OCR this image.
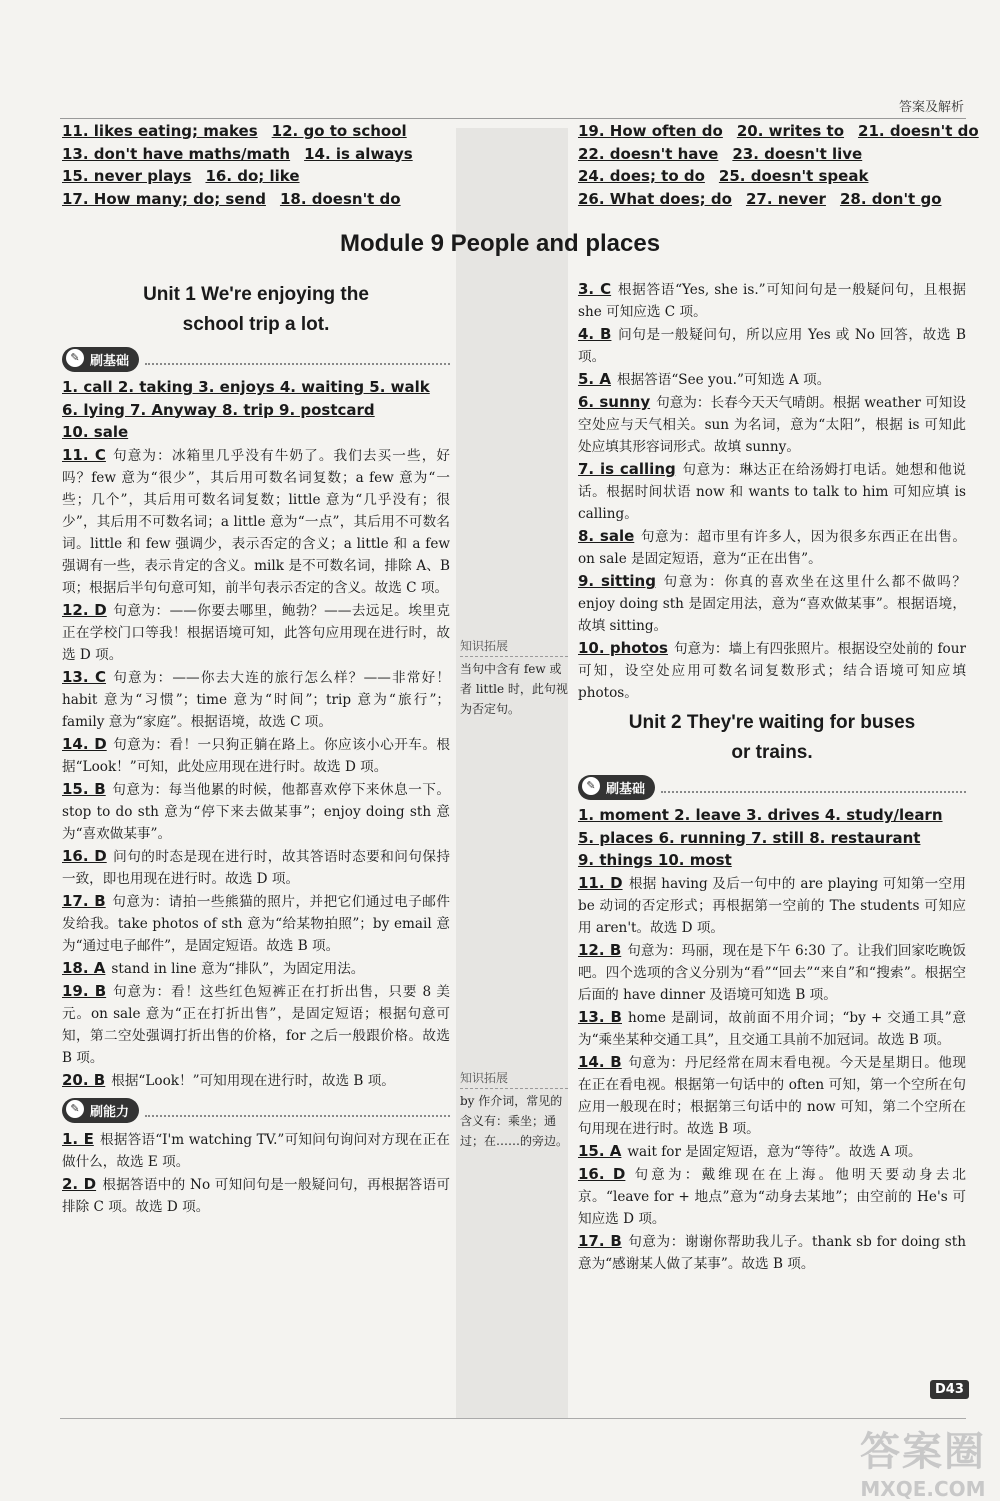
答案及解析
11. likes eating; makes 12. go to school
13. don't have maths/math 14. is always
15. never plays 16. do; like
17. How many; do; send 18. doesn't do
19. How often do 20. writes to 21. doesn't do
22. doesn't have 23. doesn't live
24. does; to do 25. doesn't speak
26. What does; do 27. never 28. don't go
Module 9 People and places
Unit 1 We're enjoying the
school trip a lot.
✎ 刷基础
1. call 2. taking 3. enjoys 4. waiting 5. walk
6. lying 7. Anyway 8. trip 9. postcard
10. sale
11. C 句意为：冰箱里几乎没有牛奶了。我们去买一些，好吗？few 意为“很少”，其后用可数名词复数；a few 意为“一些；几个”，其后用可数名词复数；little 意为“几乎没有；很少”，其后用不可数名词；a little 意为“一点”，其后用不可数名词。little 和 few 强调少，表示否定的含义；a little 和 a few 强调有一些，表示肯定的含义。milk 是不可数名词，排除 A、B 项；根据后半句句意可知，前半句表示否定的含义。故选 C 项。
12. D 句意为：——你要去哪里，鲍勃？——去远足。埃里克正在学校门口等我！根据语境可知，此答句应用现在进行时，故选 D 项。
13. C 句意为：——你去大连的旅行怎么样？——非常好！habit 意为“习惯”；time 意为“时间”；trip 意为“旅行”；family 意为“家庭”。根据语境，故选 C 项。
14. D 句意为：看！一只狗正躺在路上。你应该小心开车。根据“Look！”可知，此处应用现在进行时。故选 D 项。
15. B 句意为：每当他累的时候，他都喜欢停下来休息一下。stop to do sth 意为“停下来去做某事”；enjoy doing sth 意为“喜欢做某事”。
16. D 问句的时态是现在进行时，故其答语时态要和问句保持一致，即也用现在进行时。故选 D 项。
17. B 句意为：请拍一些熊猫的照片，并把它们通过电子邮件发给我。take photos of sth 意为“给某物拍照”；by email 意为“通过电子邮件”，是固定短语。故选 B 项。
18. A stand in line 意为“排队”，为固定用法。
19. B 句意为：看！这些红色短裤正在打折出售，只要 8 美元。on sale 意为“正在打折出售”，是固定短语；根据句意可知，第二空处强调打折出售的价格，for 之后一般跟价格。故选 B 项。
20. B 根据“Look！”可知用现在进行时，故选 B 项。
✎ 刷能力
1. E 根据答语“I'm watching TV.”可知问句询问对方现在正在做什么，故选 E 项。
2. D 根据答语中的 No 可知问句是一般疑问句，再根据答语可排除 C 项。故选 D 项。
知识拓展
当句中含有 few 或者 little 时，此句视为否定句。
知识拓展
by 作介词，常见的含义有：乘坐；通过；在……的旁边。
3. C 根据答语“Yes, she is.”可知问句是一般疑问句，且根据 she 可知应选 C 项。
4. B 问句是一般疑问句，所以应用 Yes 或 No 回答，故选 B 项。
5. A 根据答语“See you.”可知选 A 项。
6. sunny 句意为：长春今天天气晴朗。根据 weather 可知设空处应与天气相关。sun 为名词，意为“太阳”，根据 is 可知此处应填其形容词形式。故填 sunny。
7. is calling 句意为：琳达正在给汤姆打电话。她想和他说话。根据时间状语 now 和 wants to talk to him 可知应填 is calling。
8. sale 句意为：超市里有许多人，因为很多东西正在出售。on sale 是固定短语，意为“正在出售”。
9. sitting 句意为：你真的喜欢坐在这里什么都不做吗？enjoy doing sth 是固定用法，意为“喜欢做某事”。根据语境，故填 sitting。
10. photos 句意为：墙上有四张照片。根据设空处前的 four 可知，设空处应用可数名词复数形式；结合语境可知应填 photos。
Unit 2 They're waiting for buses
or trains.
✎ 刷基础
1. moment 2. leave 3. drives 4. study/learn
5. places 6. running 7. still 8. restaurant
9. things 10. most
11. D 根据 having 及后一句中的 are playing 可知第一空用 be 动词的否定形式；再根据第一空前的 The students 可知应用 aren't。故选 D 项。
12. B 句意为：玛丽，现在是下午 6:30 了。让我们回家吃晚饭吧。四个选项的含义分别为“看”“回去”“来自”和“搜索”。根据空后面的 have dinner 及语境可知选 B 项。
13. B home 是副词，故前面不用介词；“by + 交通工具”意为“乘坐某种交通工具”，且交通工具前不加冠词。故选 B 项。
14. B 句意为：丹尼经常在周末看电视。今天是星期日。他现在正在看电视。根据第一句话中的 often 可知，第一个空所在句应用一般现在时；根据第三句话中的 now 可知，第二个空所在句用现在进行时。故选 B 项。
15. A wait for 是固定短语，意为“等待”。故选 A 项。
16. D 句意为：戴维现在在上海。他明天要动身去北京。“leave for + 地点”意为“动身去某地”；由空前的 He's 可知应选 D 项。
17. B 句意为：谢谢你帮助我儿子。thank sb for doing sth 意为“感谢某人做了某事”。故选 B 项。
D43
答案圈
MXQE.COM
